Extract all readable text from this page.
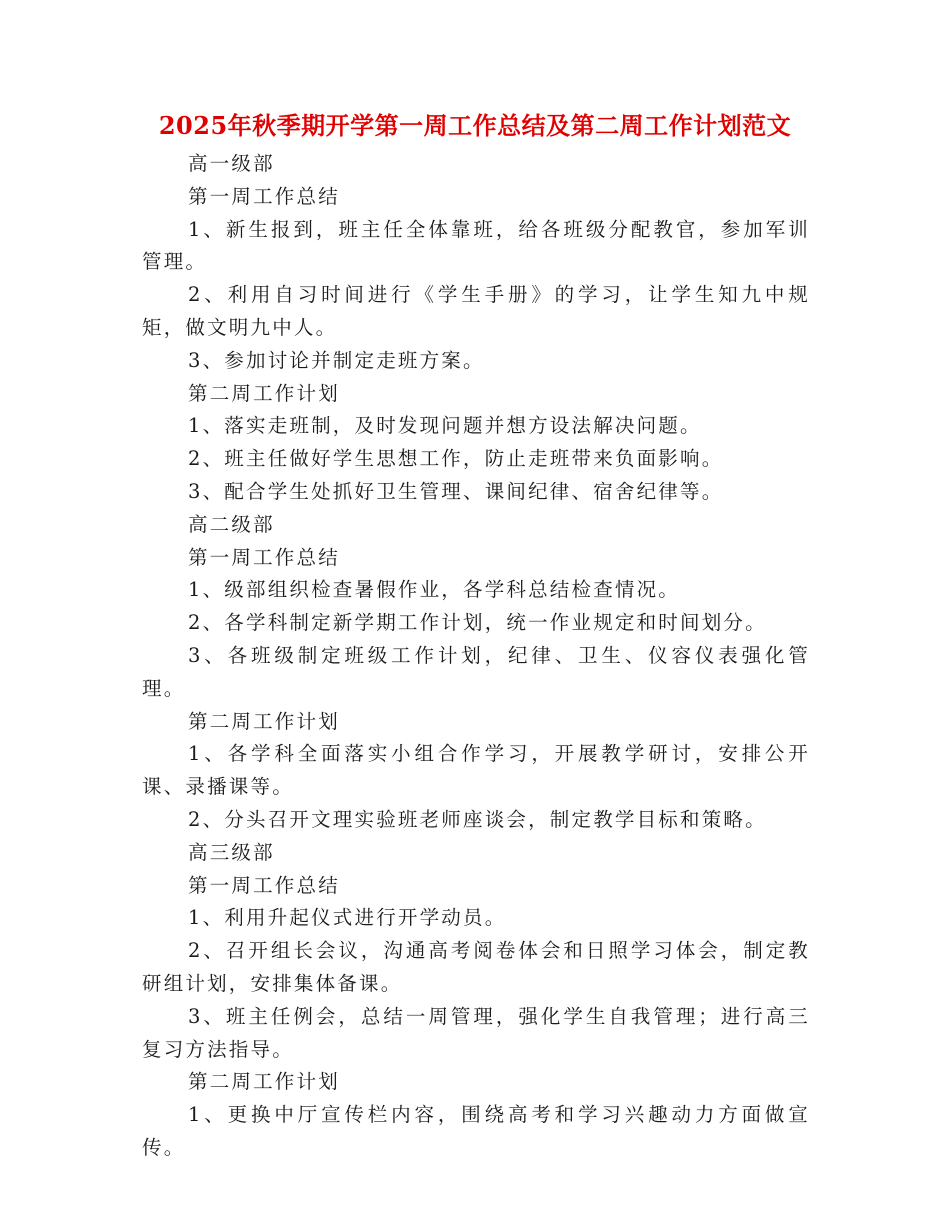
2025年秋季期开学第一周工作总结及第二周工作计划范文

高一级部

第一周工作总结

1、新生报到，班主任全体靠班，给各班级分配教官，参加军训管理。

2、利用自习时间进行《学生手册》的学习，让学生知九中规矩，做文明九中人。

3、参加讨论并制定走班方案。

第二周工作计划

1、落实走班制，及时发现问题并想方设法解决问题。

2、班主任做好学生思想工作，防止走班带来负面影响。

3、配合学生处抓好卫生管理、课间纪律、宿舍纪律等。

高二级部

第一周工作总结

1、级部组织检查暑假作业，各学科总结检查情况。

2、各学科制定新学期工作计划，统一作业规定和时间划分。

3、各班级制定班级工作计划，纪律、卫生、仪容仪表强化管理。

第二周工作计划

1、各学科全面落实小组合作学习，开展教学研讨，安排公开课、录播课等。

2、分头召开文理实验班老师座谈会，制定教学目标和策略。

高三级部

第一周工作总结

1、利用升起仪式进行开学动员。

2、召开组长会议，沟通高考阅卷体会和日照学习体会，制定教研组计划，安排集体备课。

3、班主任例会，总结一周管理，强化学生自我管理；进行高三复习方法指导。

第二周工作计划

1、更换中厅宣传栏内容，围绕高考和学习兴趣动力方面做宣传。
